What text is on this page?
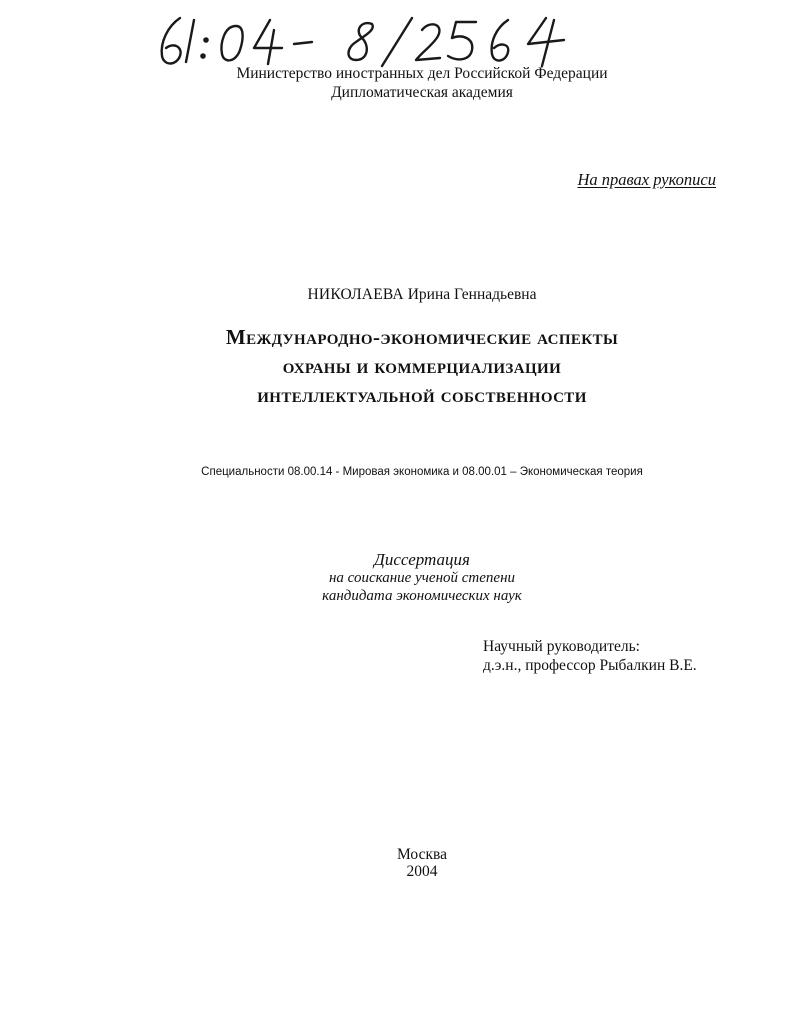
Министерство иностранных дел Российской Федерации
Дипломатическая академия
На правах рукописи
НИКОЛАЕВА Ирина Геннадьевна
Международно-экономические аспекты
охраны и коммерциализации
интеллектуальной собственности
Специальности 08.00.14 - Мировая экономика и 08.00.01 – Экономическая теория
Диссертация
на соискание ученой степени
кандидата экономических наук
Научный руководитель:
д.э.н., профессор Рыбалкин В.Е.
Москва
2004
